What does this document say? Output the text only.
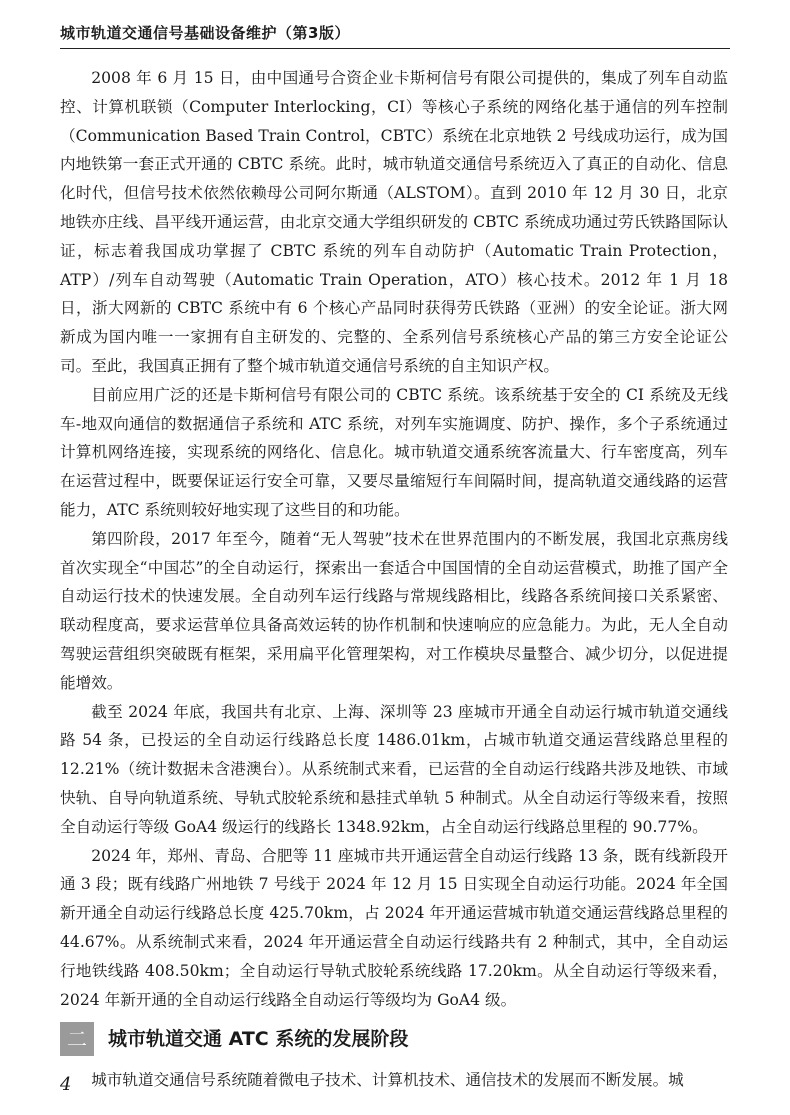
城市轨道交通信号基础设备维护（第3版）

2008 年 6 月 15 日，由中国通号合资企业卡斯柯信号有限公司提供的，集成了列车自动监控、计算机联锁（Computer Interlocking，CI）等核心子系统的网络化基于通信的列车控制（Communication Based Train Control，CBTC）系统在北京地铁 2 号线成功运行，成为国内地铁第一套正式开通的 CBTC 系统。此时，城市轨道交通信号系统迈入了真正的自动化、信息化时代，但信号技术依然依赖母公司阿尔斯通（ALSTOM）。直到 2010 年 12 月 30 日，北京地铁亦庄线、昌平线开通运营，由北京交通大学组织研发的 CBTC 系统成功通过劳氏铁路国际认证，标志着我国成功掌握了 CBTC 系统的列车自动防护（Automatic Train Protection，ATP）/列车自动驾驶（Automatic Train Operation，ATO）核心技术。2012 年 1 月 18 日，浙大网新的 CBTC 系统中有 6 个核心产品同时获得劳氏铁路（亚洲）的安全论证。浙大网新成为国内唯一一家拥有自主研发的、完整的、全系列信号系统核心产品的第三方安全论证公司。至此，我国真正拥有了整个城市轨道交通信号系统的自主知识产权。

目前应用广泛的还是卡斯柯信号有限公司的 CBTC 系统。该系统基于安全的 CI 系统及无线车-地双向通信的数据通信子系统和 ATC 系统，对列车实施调度、防护、操作，多个子系统通过计算机网络连接，实现系统的网络化、信息化。城市轨道交通系统客流量大、行车密度高，列车在运营过程中，既要保证运行安全可靠，又要尽量缩短行车间隔时间，提高轨道交通线路的运营能力，ATC 系统则较好地实现了这些目的和功能。

第四阶段，2017 年至今，随着“无人驾驶”技术在世界范围内的不断发展，我国北京燕房线首次实现全“中国芯”的全自动运行，探索出一套适合中国国情的全自动运营模式，助推了国产全自动运行技术的快速发展。全自动列车运行线路与常规线路相比，线路各系统间接口关系紧密、联动程度高，要求运营单位具备高效运转的协作机制和快速响应的应急能力。为此，无人全自动驾驶运营组织突破既有框架，采用扁平化管理架构，对工作模块尽量整合、减少切分，以促进提能增效。

截至 2024 年底，我国共有北京、上海、深圳等 23 座城市开通全自动运行城市轨道交通线路 54 条，已投运的全自动运行线路总长度 1486.01km，占城市轨道交通运营线路总里程的12.21%（统计数据未含港澳台）。从系统制式来看，已运营的全自动运行线路共涉及地铁、市域快轨、自导向轨道系统、导轨式胶轮系统和悬挂式单轨 5 种制式。从全自动运行等级来看，按照全自动运行等级 GoA4 级运行的线路长 1348.92km，占全自动运行线路总里程的 90.77%。

2024 年，郑州、青岛、合肥等 11 座城市共开通运营全自动运行线路 13 条，既有线新段开通 3 段；既有线路广州地铁 7 号线于 2024 年 12 月 15 日实现全自动运行功能。2024 年全国新开通全自动运行线路总长度 425.70km，占 2024 年开通运营城市轨道交通运营线路总里程的 44.67%。从系统制式来看，2024 年开通运营全自动运行线路共有 2 种制式，其中，全自动运行地铁线路 408.50km；全自动运行导轨式胶轮系统线路 17.20km。从全自动运行等级来看，2024 年新开通的全自动运行线路全自动运行等级均为 GoA4 级。

二	城市轨道交通 ATC 系统的发展阶段

城市轨道交通信号系统随着微电子技术、计算机技术、通信技术的发展而不断发展。城

4
